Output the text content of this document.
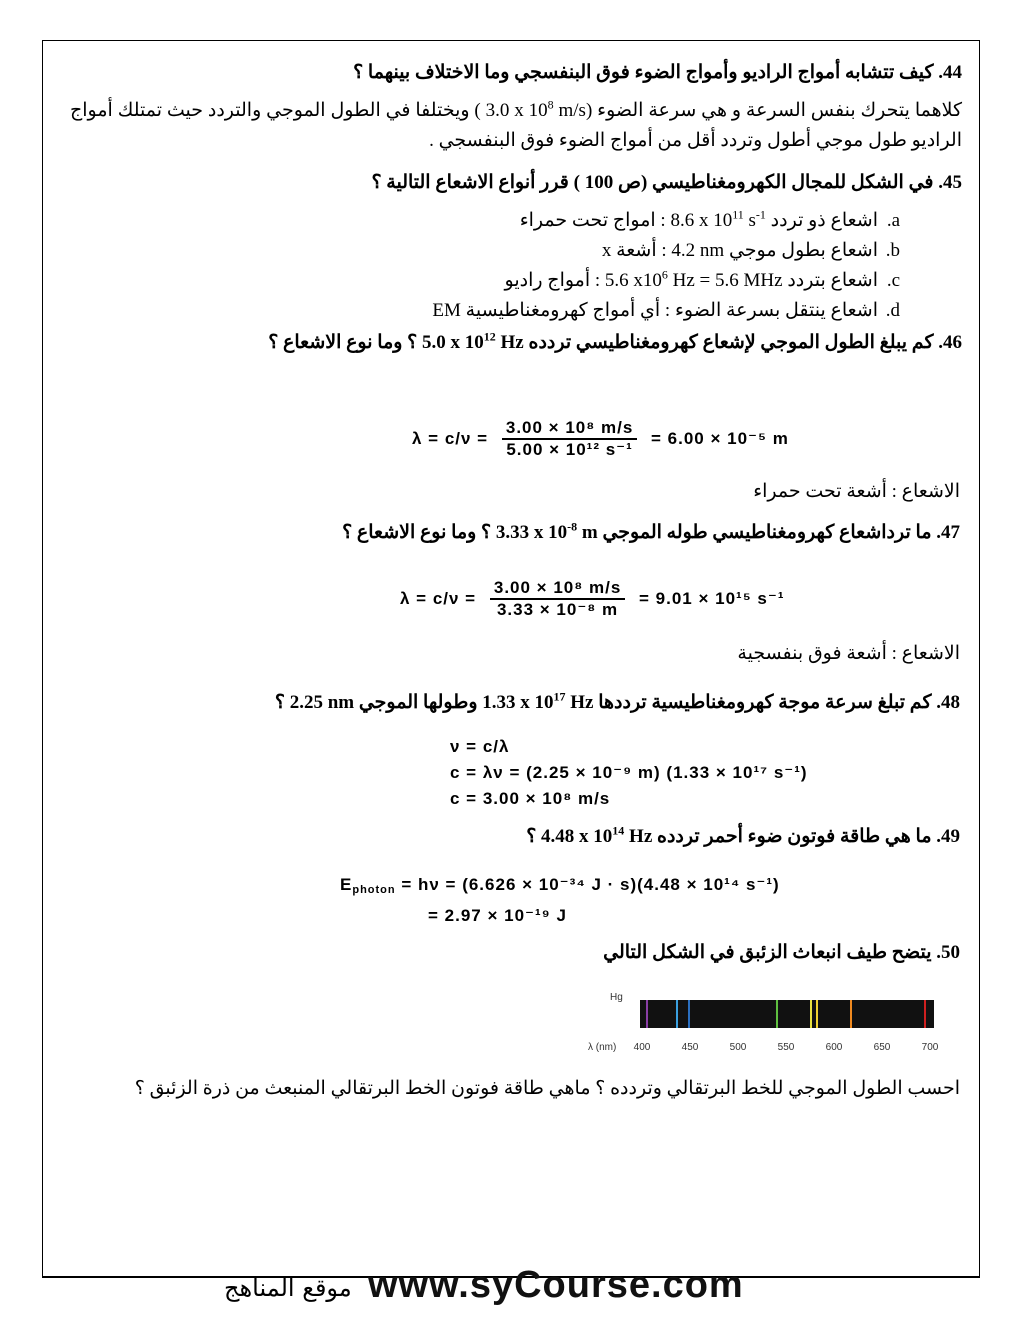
44. كيف تتشابه أمواج الراديو وأمواج الضوء فوق البنفسجي وما الاختلاف بينهما ؟

كلاهما يتحرك بنفس السرعة و هي سرعة الضوء (3.0 x $10^8$ m/s ) ويختلفا في الطول الموجي والتردد حيث تمتلك أمواج الراديو طول موجي أطول وتردد أقل من أمواج الضوء فوق البنفسجي .

45. في الشكل للمجال الكهرومغناطيسي (ص 100 ) قرر أنواع الاشعاع التالية ؟
a.اشعاع ذو تردد 8.6 x $10^{11}$ $s^{-1}$ : امواج تحت حمراء
b.اشعاع بطول موجي 4.2 nm : أشعة x
c.اشعاع بتردد 5.6 $x10^6$ Hz = 5.6 MHz : أمواج راديو
d.اشعاع ينتقل بسرعة الضوء : أي أمواج كهرومغناطيسية EM
46. كم يبلغ الطول الموجي لإشعاع كهرومغناطيسي تردده 5.0 x $10^{12}$ Hz ؟ وما نوع الاشعاع ؟
$\lambda = c/\nu = \frac{\text{3.00 × 10⁸ m/s}}{\text{5.00 × 10¹² s⁻¹}} = 6.00 \times 10^{-5}$ m
الاشعاع : أشعة تحت حمراء
47. ما ترداشعاع كهرومغناطيسي طوله الموجي 3.33 x $10^{-8}$ m ؟ وما نوع الاشعاع ؟
$\lambda = c/\nu = \frac{\text{3.00 × 10⁸ m/s}}{\text{3.33 × 10⁻⁸ m}} = 9.01 \times 10^{15}$ s⁻¹
الاشعاع : أشعة فوق بنفسجية
48. كم تبلغ سرعة موجة كهرومغناطيسية ترددها 1.33 x $10^{17}$ Hz وطولها الموجي 2.25 nm ؟
ν = c/λ
c = λν = (2.25 × 10⁻⁹ m) (1.33 × 10¹⁷ s⁻¹)
c = 3.00 × 10⁸ m/s
49. ما هي طاقة فوتون ضوء أحمر تردده 4.48 x $10^{14}$ Hz ؟
$E_{photon} = h\nu = (6.626 \times 10^{-34}$ J · s)(4.48 × 10¹⁴ s⁻¹)
= 2.97 × 10⁻¹⁹ J
50. يتضح طيف انبعاث الزئبق في الشكل التالي
Hg
λ (nm) 400	450	500	550	600	650	700
احسب الطول الموجي للخط البرتقالي وتردده ؟ ماهي طاقة فوتون الخط البرتقالي المنبعث من ذرة الزئبق ؟
موقع المناهج www.syCourse.com
